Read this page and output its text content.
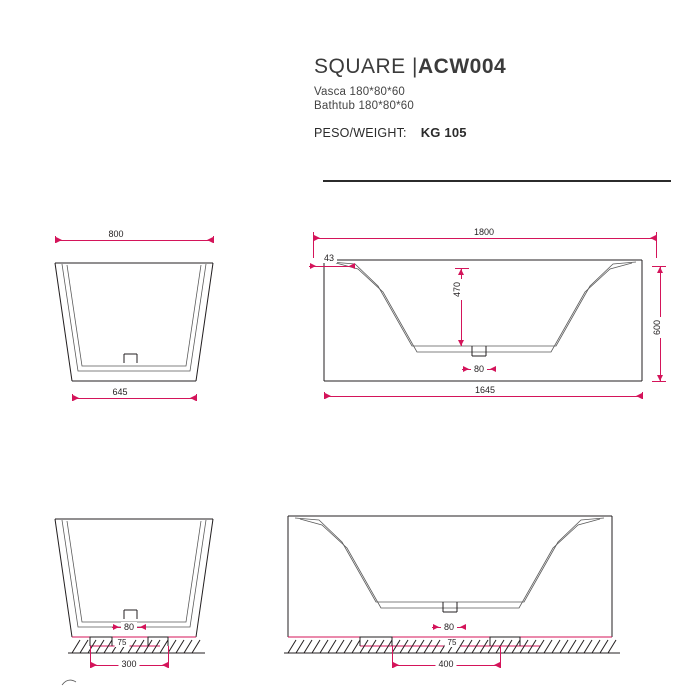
SQUARE |ACW004
Vasca 180*80*60
Bathtub 180*80*60
PESO/WEIGHT: KG 105
800
645
1800
43
470
600
80
1645
80
75
300
80
75
400
